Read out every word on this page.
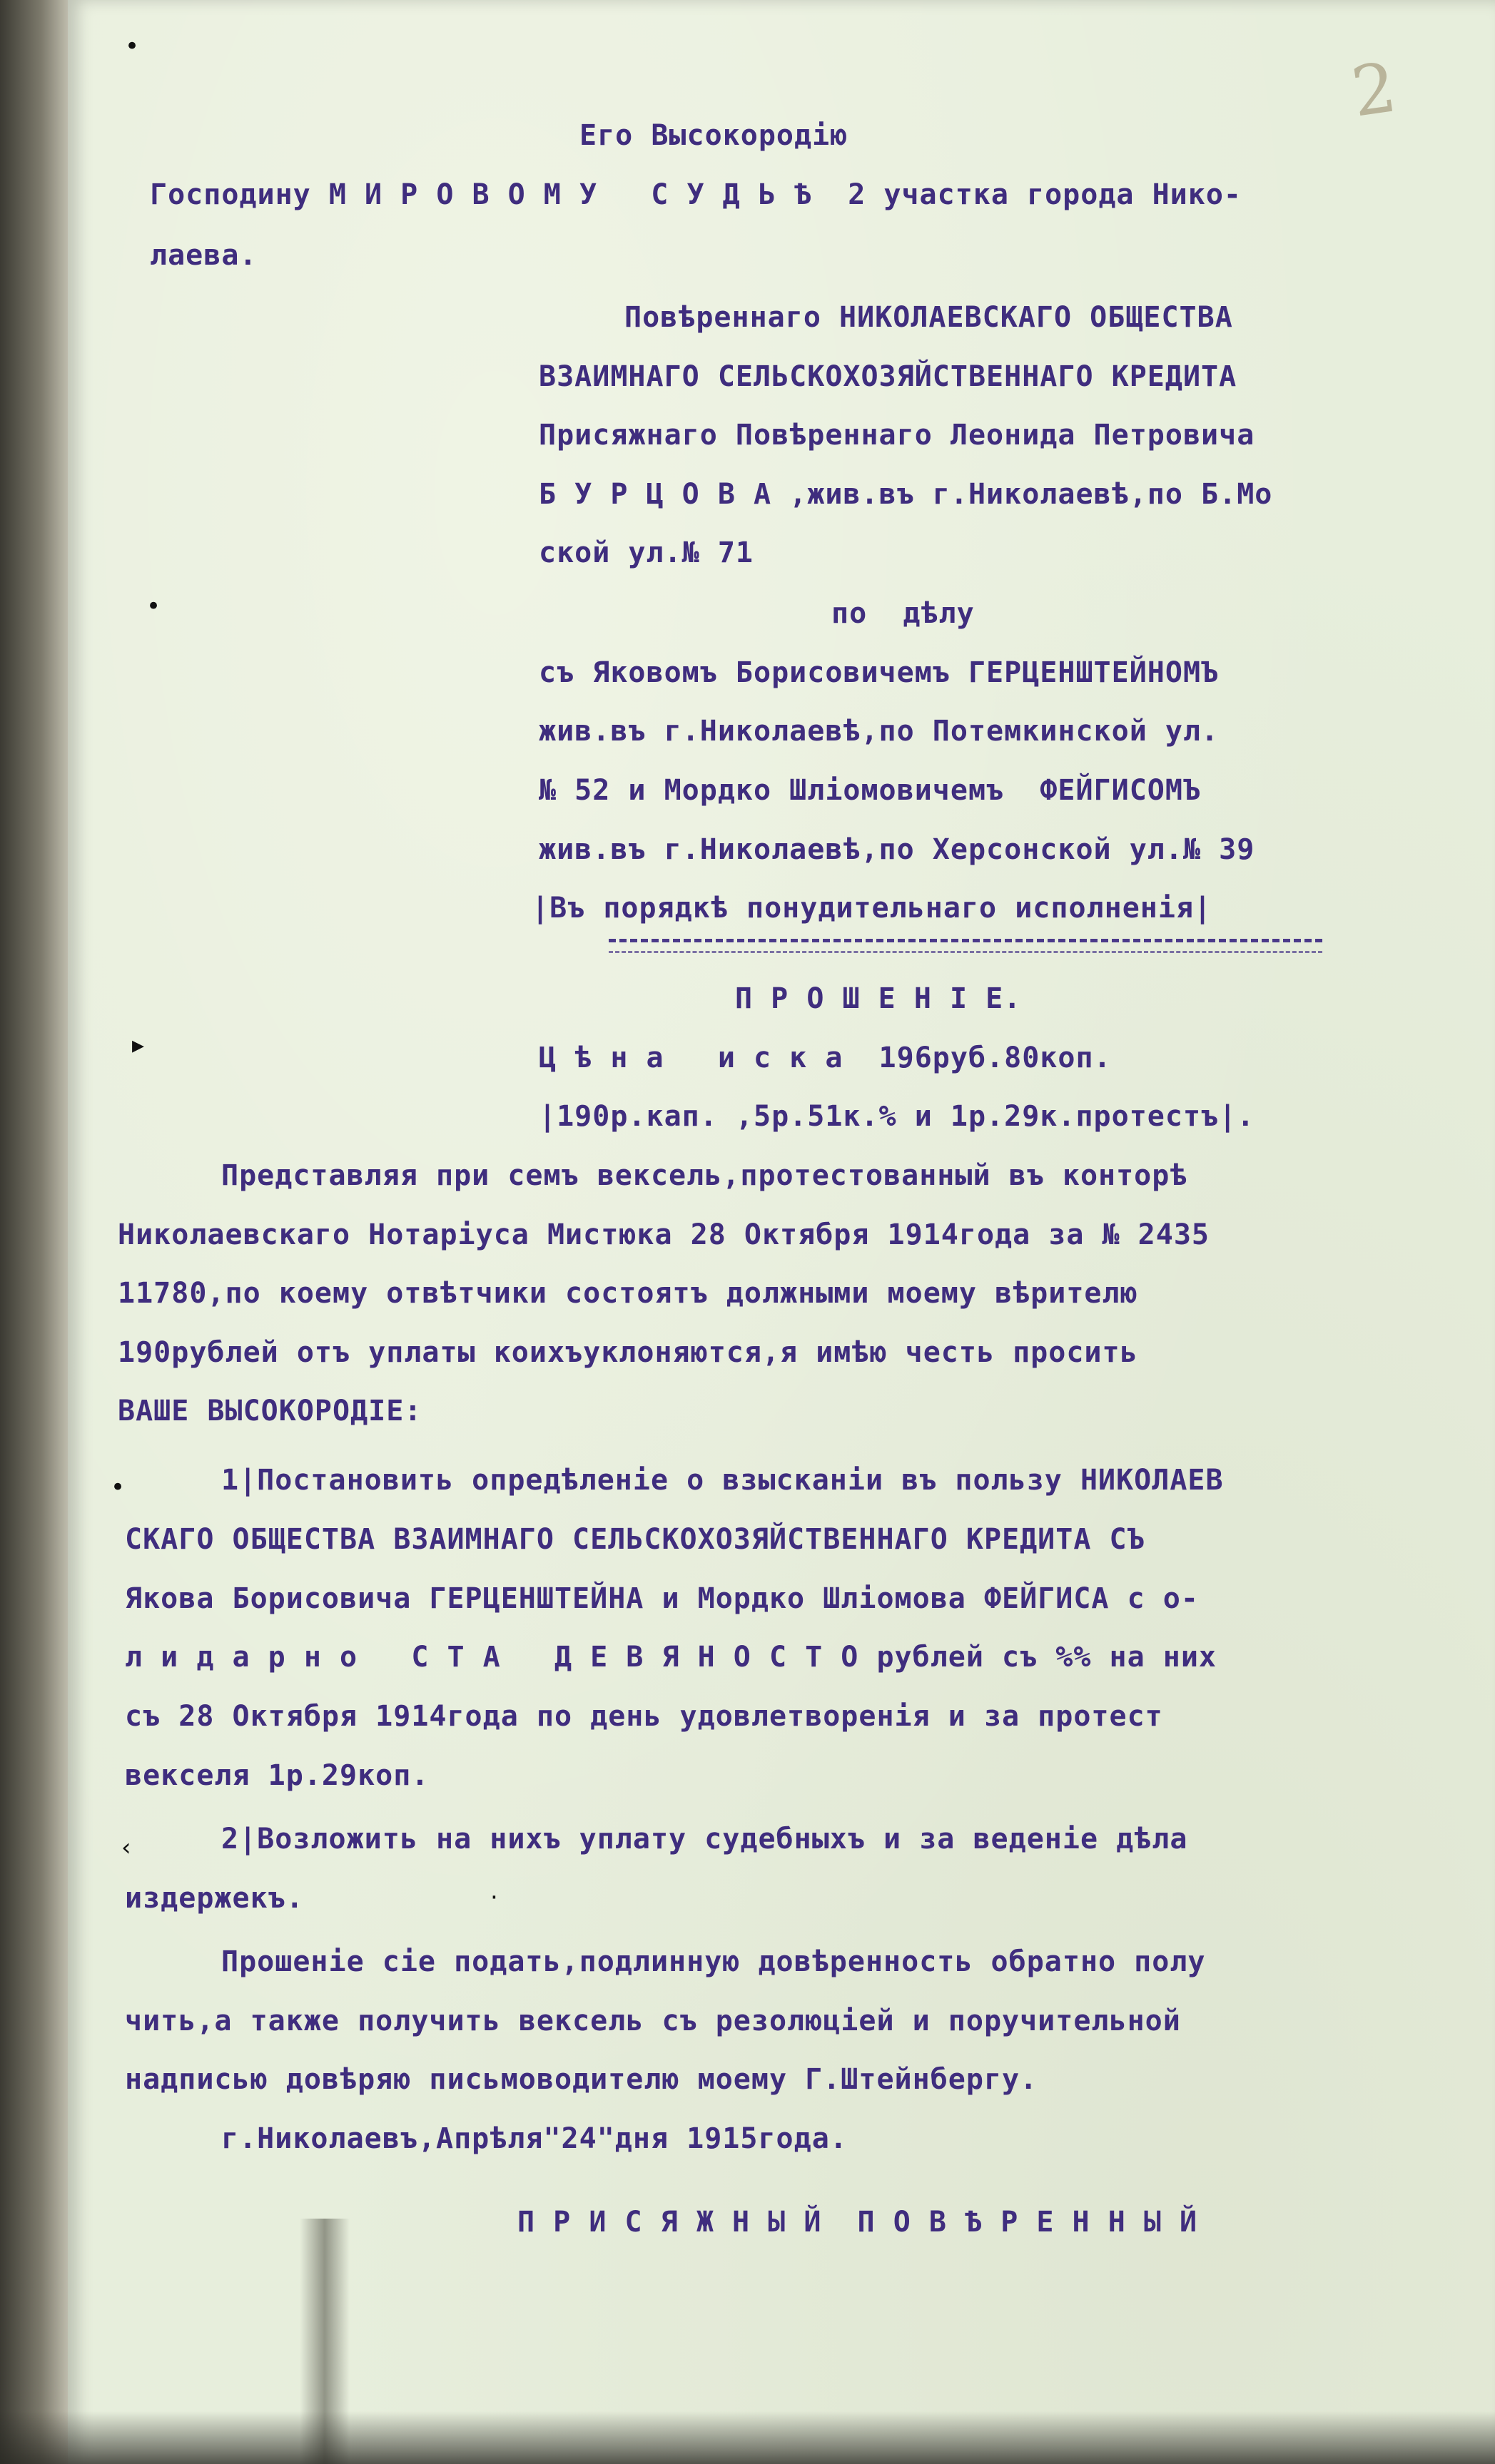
2
Его Высокородію
Господину М И Р О В О М У   С У Д Ь Ѣ  2 участка города Нико-
лаева.
Повѣреннаго НИКОЛАЕВСКАГО ОБЩЕСТВА
ВЗАИМНАГО СЕЛЬСКОХОЗЯЙСТВЕННАГО КРЕДИТА
Присяжнаго Повѣреннаго Леонида Петровича
Б У Р Ц О В А ,жив.въ г.Николаевѣ,по Б.Мо
ской ул.№ 71
по  дѣлу
съ Яковомъ Борисовичемъ ГЕРЦЕНШТЕЙНОМЪ
жив.въ г.Николаевѣ,по Потемкинской ул.
№ 52 и Мордко Шліомовичемъ  ФЕЙГИСОМЪ
жив.въ г.Николаевѣ,по Херсонской ул.№ 39
|Въ порядкѣ понудительнаго исполненія|
П Р О Ш Е Н І Е.
Ц ѣ н а   и с к а  196руб.80коп.
|190р.кап. ,5р.51к.% и 1р.29к.протестъ|.
Представляя при семъ вексель,протестованный въ конторѣ
Николаевскаго Нотаріуса Мистюка 28 Октября 1914года за № 2435
11780,по коему отвѣтчики состоятъ должными моему вѣрителю
190рублей отъ уплаты коихъуклоняются,я имѣю честь просить
ВАШЕ ВЫСОКОРОДІЕ:
1|Постановить опредѣленіе о взысканіи въ пользу НИКОЛАЕВ
СКАГО ОБЩЕСТВА ВЗАИМНАГО СЕЛЬСКОХОЗЯЙСТВЕННАГО КРЕДИТА СЪ
Якова Борисовича ГЕРЦЕНШТЕЙНА и Мордко Шліомова ФЕЙГИСА с о-
л и д а р н о   С Т А   Д Е В Я Н О С Т О рублей съ %% на них
съ 28 Октября 1914года по день удовлетворенія и за протест
векселя 1р.29коп.
2|Возложить на нихъ уплату судебныхъ и за веденіе дѣла
издержекъ.
Прошеніе сіе подать,подлинную довѣренность обратно полу
чить,а также получить вексель съ резолюціей и поручительной
надписью довѣряю письмоводителю моему Г.Штейнбергу.
г.Николаевъ,Апрѣля"24"дня 1915года.
П Р И С Я Ж Н Ы Й  П О В Ѣ Р Е Н Н Ы Й
•
•
▸
•
‹
·
